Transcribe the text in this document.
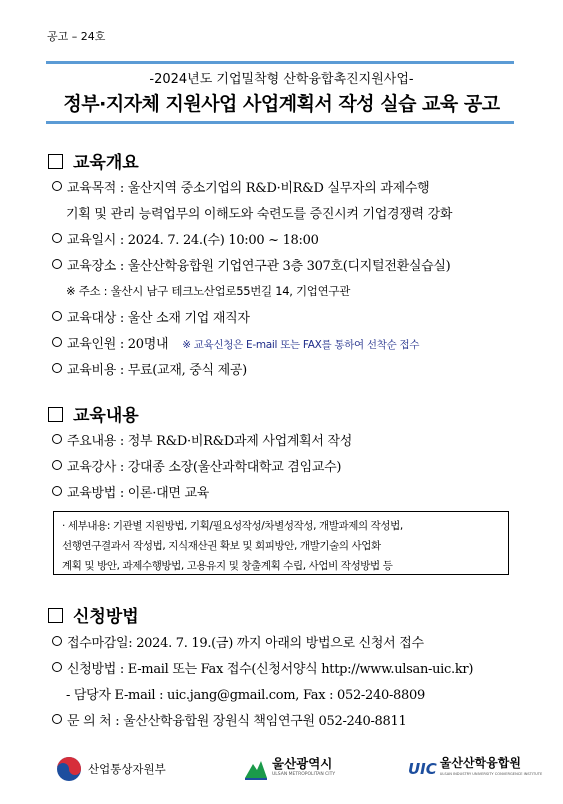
공고 – 24호
-2024년도 기업밀착형 산학융합촉진지원사업-
정부·지자체 지원사업 사업계획서 작성 실습 교육 공고
교육개요
교육목적 : 울산지역 중소기업의 R&D·비R&D 실무자의 과제수행
기획 및 관리 능력업무의 이해도와 숙련도를 증진시켜 기업경쟁력 강화
교육일시 : 2024. 7. 24.(수) 10:00 ~ 18:00
교육장소 : 울산산학융합원 기업연구관 3층 307호(디지털전환실습실)
※ 주소 : 울산시 남구 테크노산업로55번길 14, 기업연구관
교육대상 : 울산 소재 기업 재직자
교육인원 : 20명내 ※ 교육신청은 E-mail 또는 FAX를 통하여 선착순 접수
교육비용 : 무료(교재, 중식 제공)
교육내용
주요내용 : 정부 R&D·비R&D과제 사업계획서 작성
교육강사 : 강대종 소장(울산과학대학교 겸임교수)
교육방법 : 이론·대면 교육
· 세부내용: 기관별 지원방법, 기획/필요성작성/차별성작성, 개발과제의 작성법,
선행연구결과서 작성법, 지식재산권 확보 및 회피방안, 개발기술의 사업화
계획 및 방안, 과제수행방법, 고용유지 및 창출계획 수립, 사업비 작성방법 등
신청방법
접수마감일: 2024. 7. 19.(금) 까지 아래의 방법으로 신청서 접수
신청방법 : E-mail 또는 Fax 접수(신청서양식 http://www.ulsan-uic.kr)
- 담당자 E-mail : uic.jang@gmail.com, Fax : 052-240-8809
문 의 처 : 울산산학융합원 장원식 책임연구원 052-240-8811
산업통상자원부	울산광역시
ULSAN METROPOLITAN CITY	UIC 울산산학융합원
ULSAN INDUSTRY UNIVERSITY CONVERGENCE INSTITUTE
